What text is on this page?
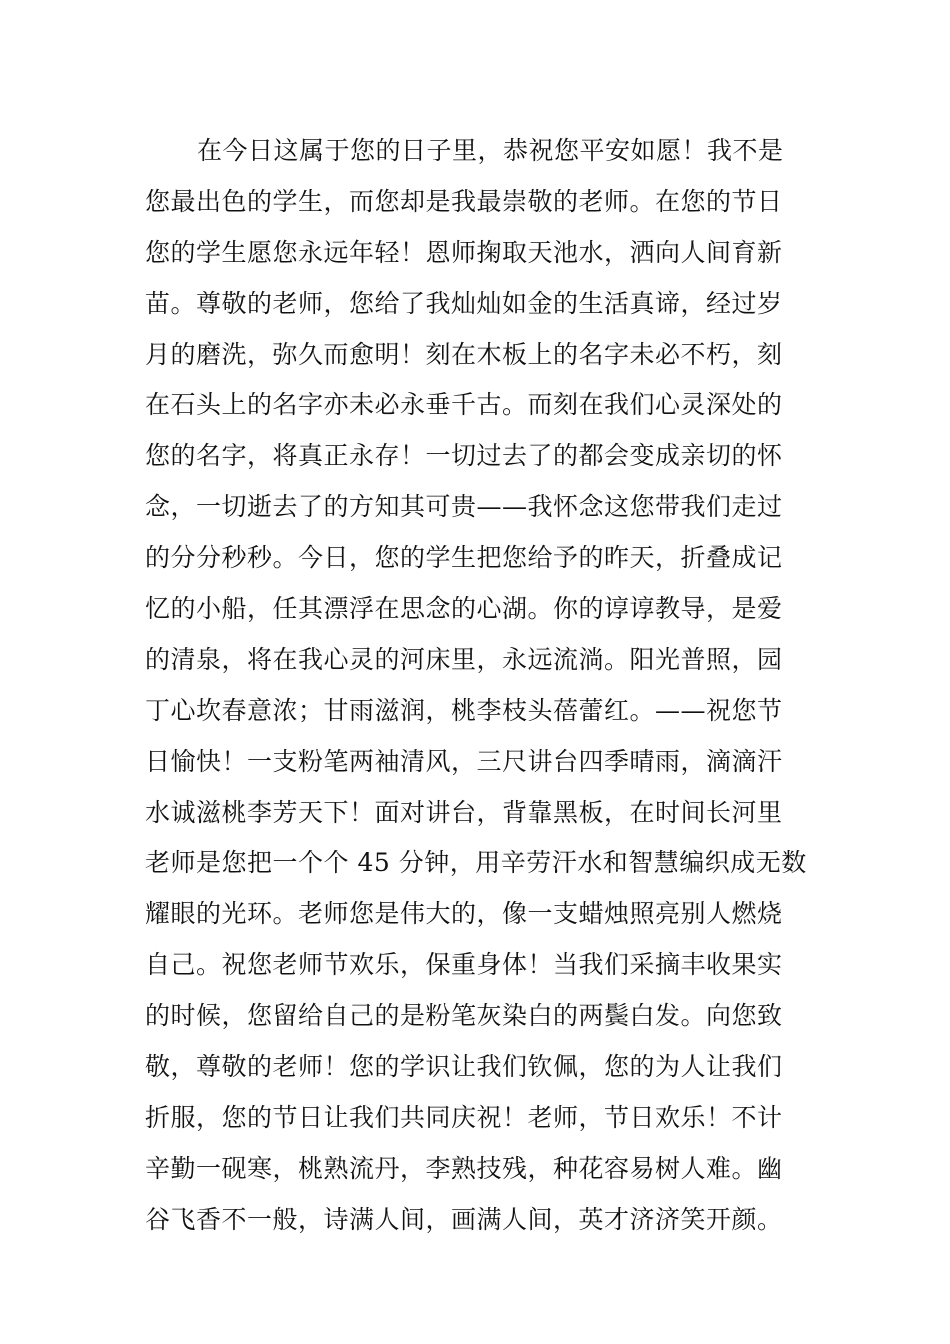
在今日这属于您的日子里，恭祝您平安如愿！我不是
您最出色的学生，而您却是我最崇敬的老师。在您的节日
您的学生愿您永远年轻！恩师掬取天池水，洒向人间育新
苗。尊敬的老师，您给了我灿灿如金的生活真谛，经过岁
月的磨洗，弥久而愈明！刻在木板上的名字未必不朽，刻
在石头上的名字亦未必永垂千古。而刻在我们心灵深处的
您的名字，将真正永存！一切过去了的都会变成亲切的怀
念，一切逝去了的方知其可贵——我怀念这您带我们走过
的分分秒秒。今日，您的学生把您给予的昨天，折叠成记
忆的小船，任其漂浮在思念的心湖。你的谆谆教导，是爱
的清泉，将在我心灵的河床里，永远流淌。阳光普照，园
丁心坎春意浓；甘雨滋润，桃李枝头蓓蕾红。——祝您节
日愉快！一支粉笔两袖清风，三尺讲台四季晴雨，滴滴汗
水诚滋桃李芳天下！面对讲台，背靠黑板，在时间长河里
老师是您把一个个 45 分钟，用辛劳汗水和智慧编织成无数
耀眼的光环。老师您是伟大的，像一支蜡烛照亮别人燃烧
自己。祝您老师节欢乐，保重身体！当我们采摘丰收果实
的时候，您留给自己的是粉笔灰染白的两鬓白发。向您致
敬，尊敬的老师！您的学识让我们钦佩，您的为人让我们
折服，您的节日让我们共同庆祝！老师，节日欢乐！不计
辛勤一砚寒，桃熟流丹，李熟技残，种花容易树人难。幽
谷飞香不一般，诗满人间，画满人间，英才济济笑开颜。
